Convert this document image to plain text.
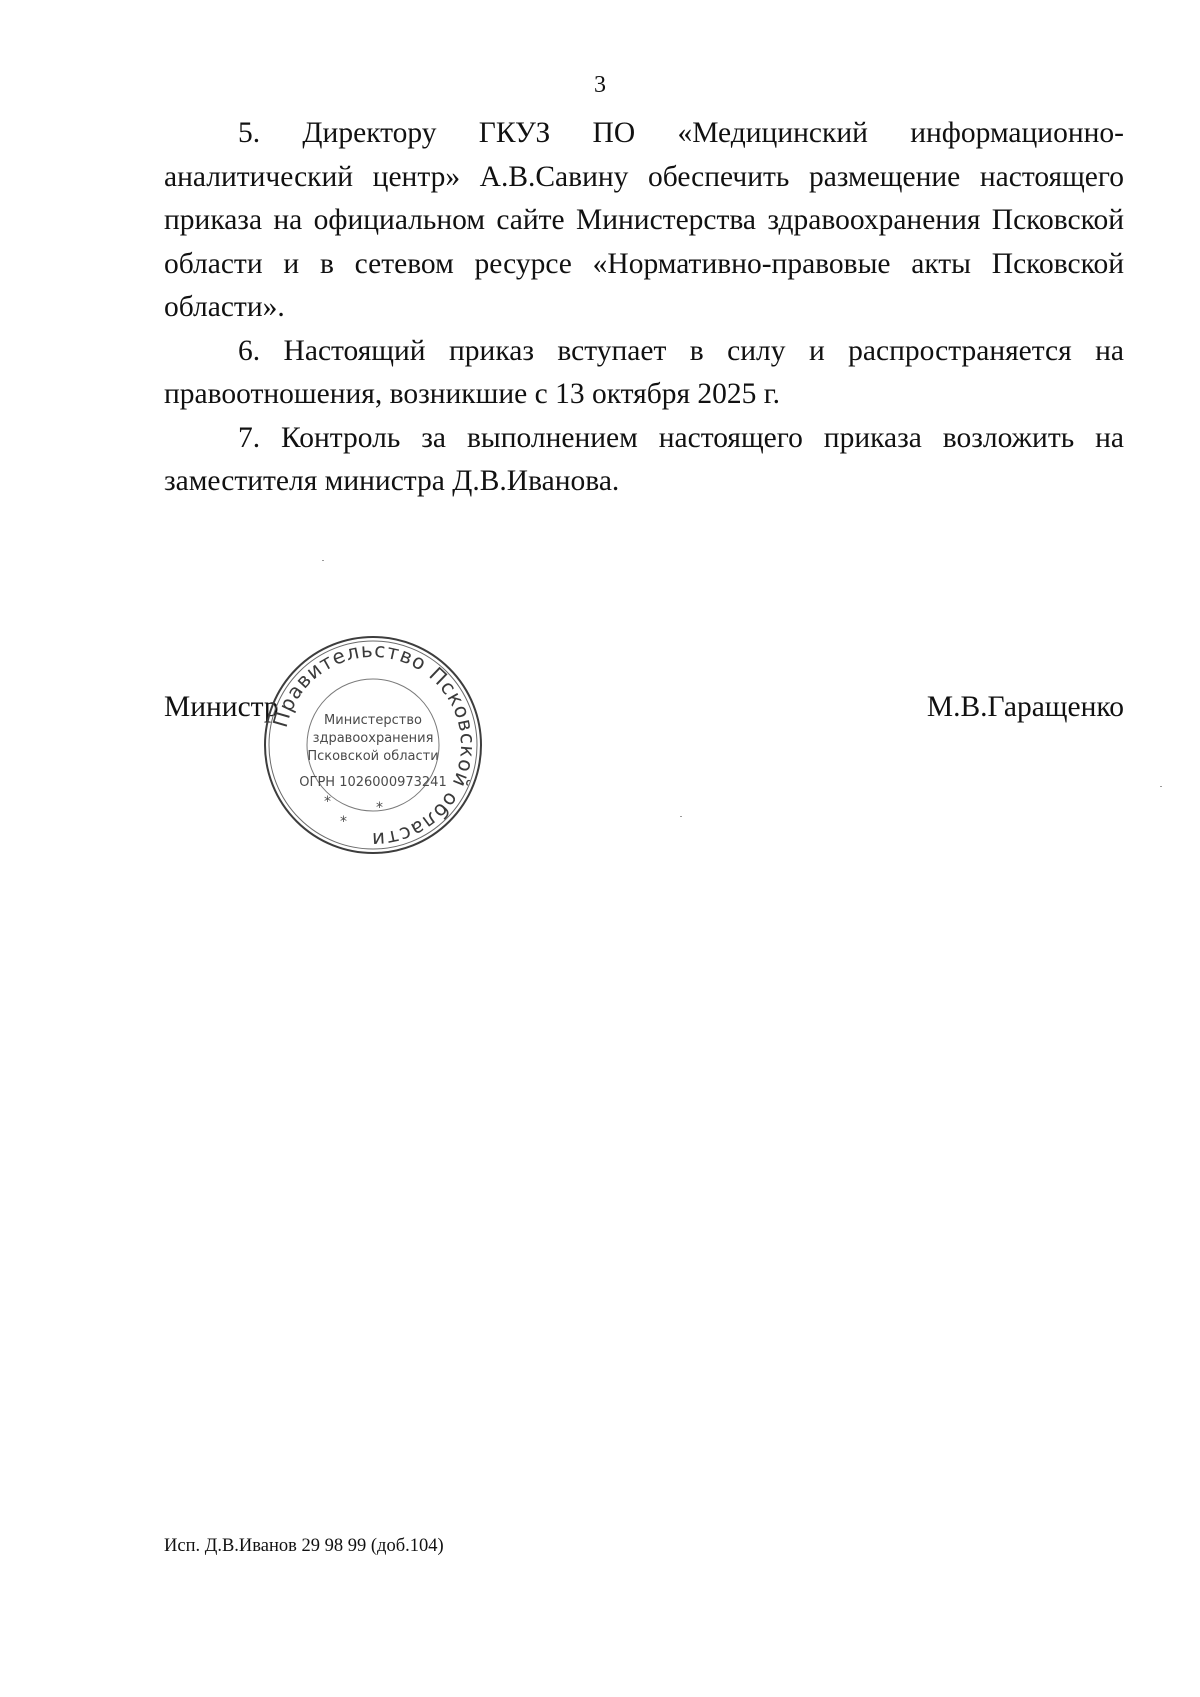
3

5. Директору ГКУЗ ПО «Медицинский информационно-аналитический центр» А.В.Савину обеспечить размещение настоящего приказа на официальном сайте Министерства здравоохранения Псковской области и в сетевом ресурсе «Нормативно-правовые акты Псковской области».

6. Настоящий приказ вступает в силу и распространяется на правоотношения, возникшие с 13 октября 2025 г.

7. Контроль за выполнением настоящего приказа возложить на заместителя министра Д.В.Иванова.

Министр	М.В.Гаращенко
Правительство Псковской области
Министерство
здравоохранения
Псковской области
ОГРН 1026000973241
*	*
*
Исп. Д.В.Иванов 29 98 99 (доб.104)
